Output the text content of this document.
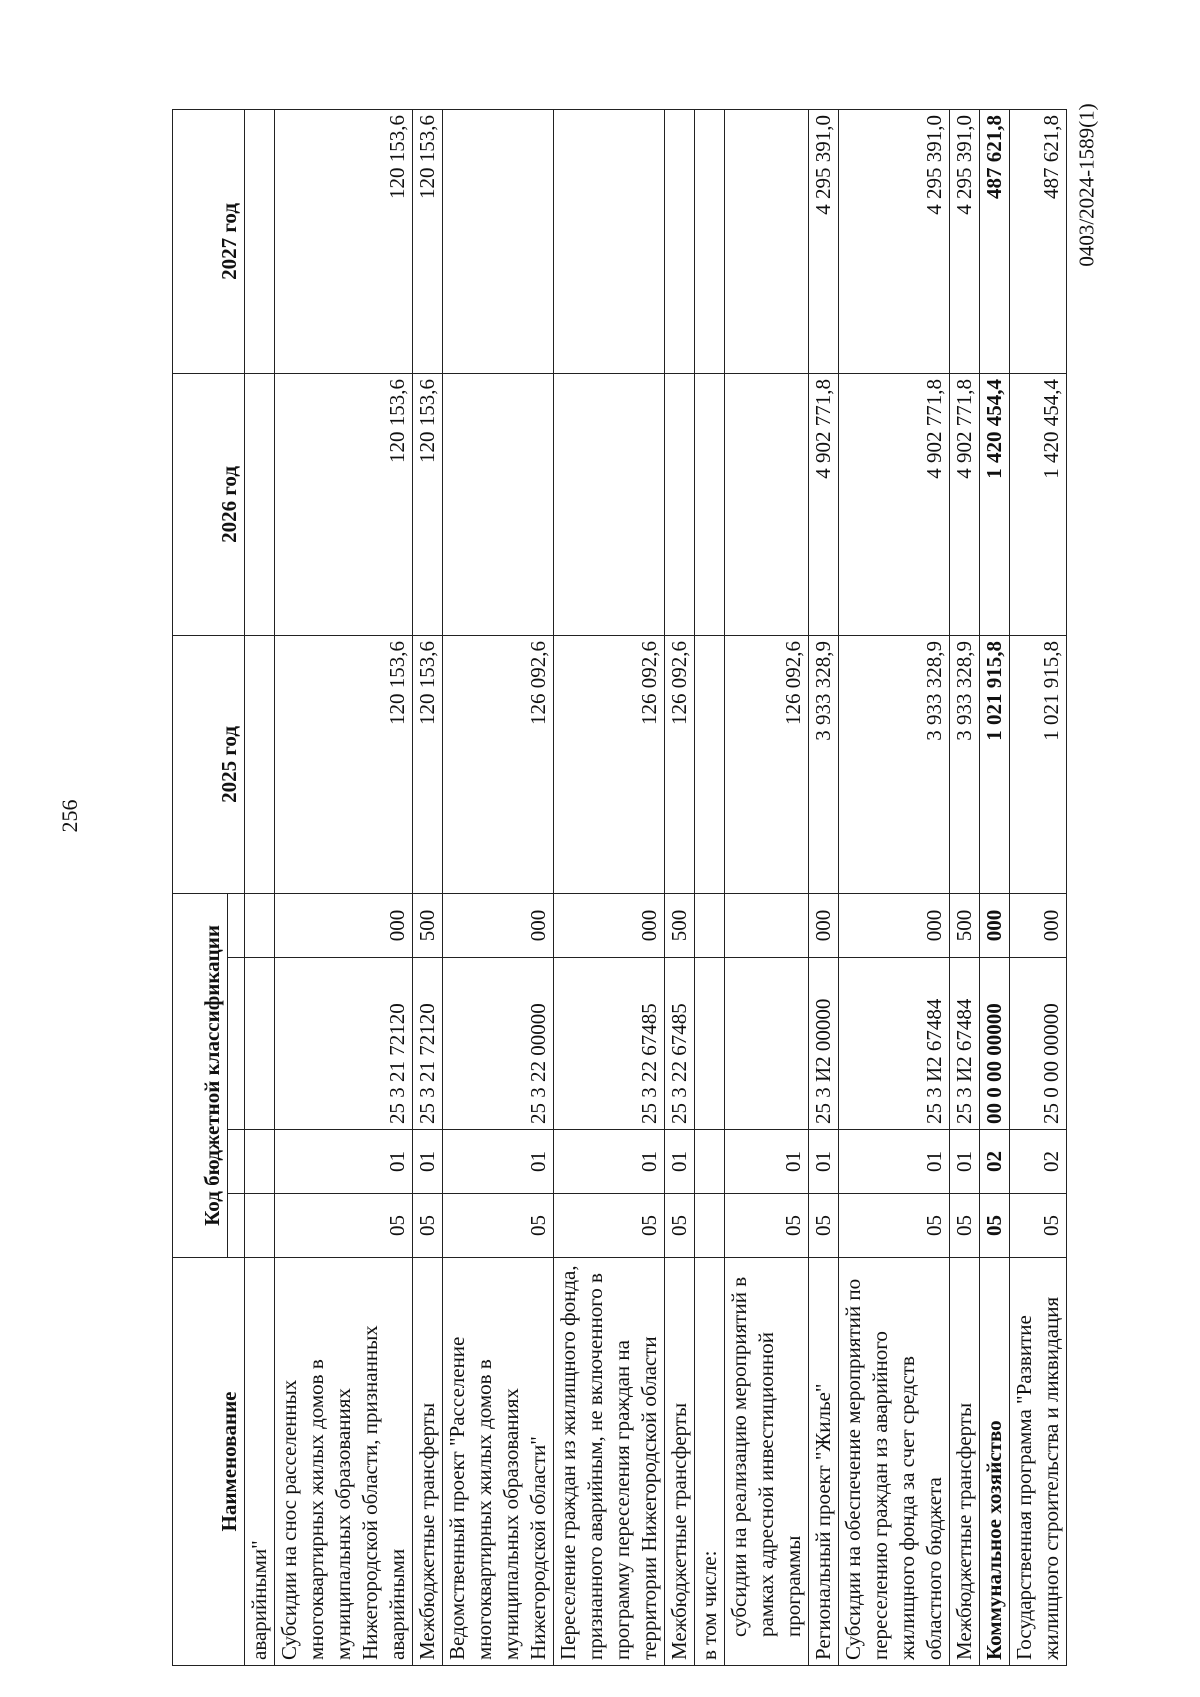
256
0403/2024-1589(1)
Наименование	Код бюджетной классификации				2025 год	2026 год	2027 год

аварийными"							
Субсидии на снос расселенных многоквартирных жилых домов в муниципальных образованиях Нижегородской области, признанных аварийными	05	01	25 3 21 72120	000	120 153,6	120 153,6	120 153,6
Межбюджетные трансферты	05	01	25 3 21 72120	500	120 153,6	120 153,6	120 153,6
Ведомственный проект "Расселение многоквартирных жилых домов в муниципальных образованиях Нижегородской области"	05	01	25 3 22 00000	000	126 092,6		
Переселение граждан из жилищного фонда, признанного аварийным, не включенного в программу переселения граждан на территории Нижегородской области	05	01	25 3 22 67485	000	126 092,6		
Межбюджетные трансферты	05	01	25 3 22 67485	500	126 092,6		
в том числе:							
субсидии на реализацию мероприятий в рамках адресной инвестиционной программы	05	01			126 092,6		
Региональный проект "Жилье"	05	01	25 3 И2 00000	000	3 933 328,9	4 902 771,8	4 295 391,0
Субсидии на обеспечение мероприятий по переселению граждан из аварийного жилищного фонда за счет средств областного бюджета	05	01	25 3 И2 67484	000	3 933 328,9	4 902 771,8	4 295 391,0
Межбюджетные трансферты	05	01	25 3 И2 67484	500	3 933 328,9	4 902 771,8	4 295 391,0
Коммунальное хозяйство	05	02	00 0 00 00000	000	1 021 915,8	1 420 454,4	487 621,8
Государственная программа "Развитие жилищного строительства и ликвидация	05	02	25 0 00 00000	000	1 021 915,8	1 420 454,4	487 621,8
